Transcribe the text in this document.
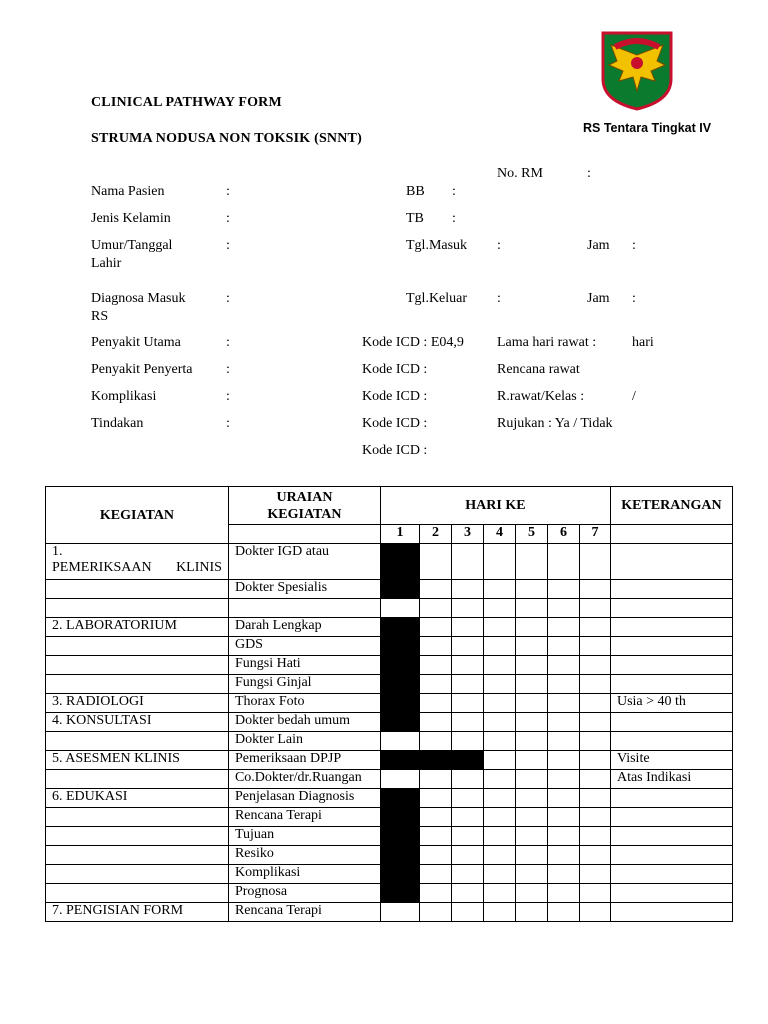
RS Tentara Tingkat IV
CLINICAL PATHWAY FORM
STRUMA NODUSA NON TOKSIK (SNNT)
No. RM	:
Nama Pasien	:	BB :
Jenis Kelamin	:	TB :
Umur/Tanggal
Lahir
:	Tgl.Masuk :	Jam :
Diagnosa Masuk
RS
:	Tgl.Keluar :	Jam :
Penyakit Utama	:	Kode ICD : E04,9 Lama hari rawat :	hari
Penyakit Penyerta :	Kode ICD :	Rencana rawat
Komplikasi	:	Kode ICD :	R.rawat/Kelas :	/
Tindakan	:	Kode ICD :	Rujukan : Ya / Tidak
Kode ICD :
KEGIATAN	URAIAN KEGIATAN	HARI KE							KETERANGAN
		1	2	3	4	5	6	7	
1. PEMERIKSAAN       KLINIS	Dokter IGD atau								
	Dokter Spesialis								

2. LABORATORIUM	Darah Lengkap								
	GDS								
	Fungsi Hati								
	Fungsi Ginjal								
3. RADIOLOGI	Thorax Foto								Usia > 40 th
4. KONSULTASI	Dokter bedah umum								
	Dokter Lain								
5. ASESMEN KLINIS	Pemeriksaan DPJP								Visite
	Co.Dokter/dr.Ruangan								Atas Indikasi
6. EDUKASI	Penjelasan Diagnosis								
	Rencana Terapi								
	Tujuan								
	Resiko								
	Komplikasi								
	Prognosa								
7. PENGISIAN FORM	Rencana Terapi								
